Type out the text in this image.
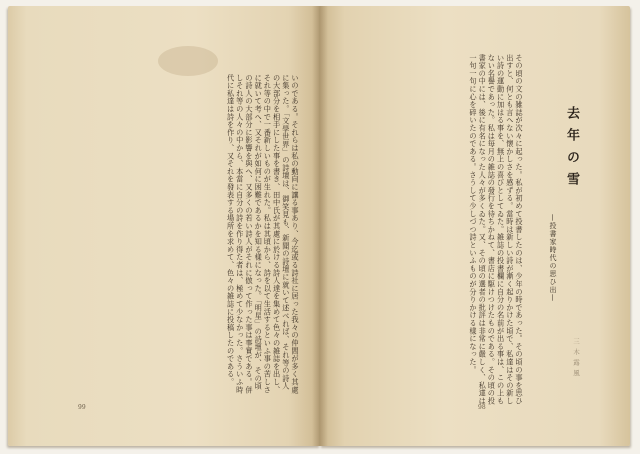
いのである。それらは私の動向に讓る事あり、今迄或る詩社に居った我々の仲間が多く其處に集った。「文學世界」の詩壇は、御笑見も、新聞の詩壇に就いて述べれば、それ等の詩人の大部分を相手にした事を書き、田中氏が其處に於ける詩人達を集めて色々の雑誌を出し、それ等の中で一番新しいものが生れた。私は其頃から、詩を以て生活するといふ事の苦しさに就いて考へ、又それが如何に困難であるかを知る樣になった。「明星」の詩壇が、その頃の詩人の大部分に影響を與へ、又多くの若い詩人がそれに倣って作った事は事實である。併しそれ等の人々の中から、本當に自分の詩を作り得た者は、極めて少なかった。さういふ時代に私達は詩を作り、又それを發表する場所を求めて、色々の雑誌に投稿したのである。
99
その頃の文の雑誌が次々に起った。私が初めて投書したのは、少年の時であった。その頃の事を思ひ出すと、何とも言へない懐かしさを感ずる。當時は新しい詩が漸く起りかけた頃で、私達はその新しい詩の運動に加はる事を、無上の喜びとしてゐた。雑誌の投書欄に自分の名前が出る事は、この上もない名譽であった。私は毎月の雑誌の發行を待ちかねて、書店に駆けつけたものである。その頃の投書家の中には、後に有名になった人々が多くゐた。又、その頃の選者の批評は非常に嚴しく、私達は一句一句に心を碎いたのである。さうして少しづつ詩といふものが分りかける樣になった。	去年の雪
—投書家時代の思ひ出—
三木露風
98
